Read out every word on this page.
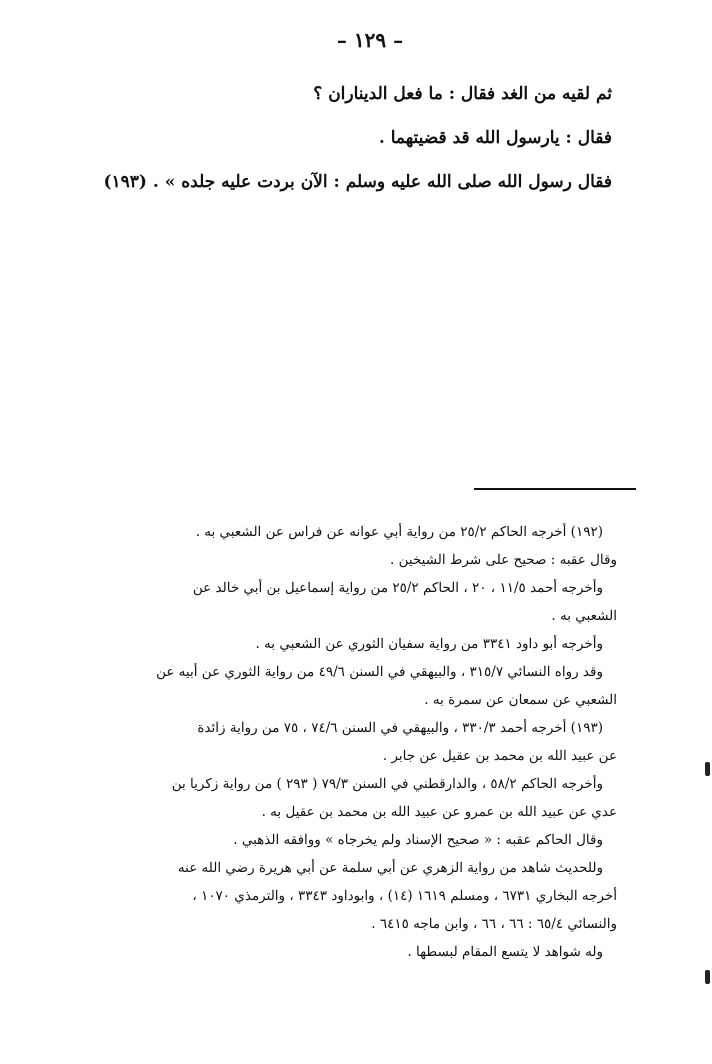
– ١٢٩ –
ثم لقيه من الغد فقال : ما فعل الديناران ؟
فقال : يارسول الله قد قضيتهما .
فقال رسول الله صلى الله عليه وسلم : الآن بردت عليه جلده » . (١٩٣)
(١٩٢) أخرجه الحاكم ٢٥/٢ من رواية أبي عوانه عن فراس عن الشعبي به .
وقال عقبه : صحيح على شرط الشيخين .
وأخرجه أحمد ١١/٥ ، ٢٠ ، الحاكم ٢٥/٢ من رواية إسماعيل بن أبي خالد عن
الشعبي به .
وأخرجه أبو داود ٣٣٤١ من رواية سفيان الثوري عن الشعبي به .
وقد رواه النسائي ٣١٥/٧ ، والبيهقي في السنن ٤٩/٦ من رواية الثوري عن أبيه عن
الشعبي عن سمعان عن سمرة به .
(١٩٣) أخرجه أحمد ٣٣٠/٣ ، والبيهقي في السنن ٧٤/٦ ، ٧٥ من رواية زائدة
عن عبيد الله بن محمد بن عقيل عن جابر .
وأخرجه الحاكم ٥٨/٢ ، والدارقطني في السنن ٧٩/٣ ( ٢٩٣ ) من رواية زكريا بن
عدي عن عبيد الله بن عمرو عن عبيد الله بن محمد بن عقيل به .
وقال الحاكم عقبه : « صحيح الإسناد ولم يخرجاه » ووافقه الذهبي .
وللحديث شاهد من رواية الزهري عن أبي سلمة عن أبي هريرة رضي الله عنه
أخرجه البخاري ٦٧٣١ ، ومسلم ١٦١٩ (١٤) ، وابوداود ٣٣٤٣ ، والترمذي ١٠٧٠ ،
والنسائي ٦٥/٤ : ٦٦ ، ٦٦ ، وابن ماجه ٦٤١٥ .
وله شواهد لا يتسع المقام لبسطها .
